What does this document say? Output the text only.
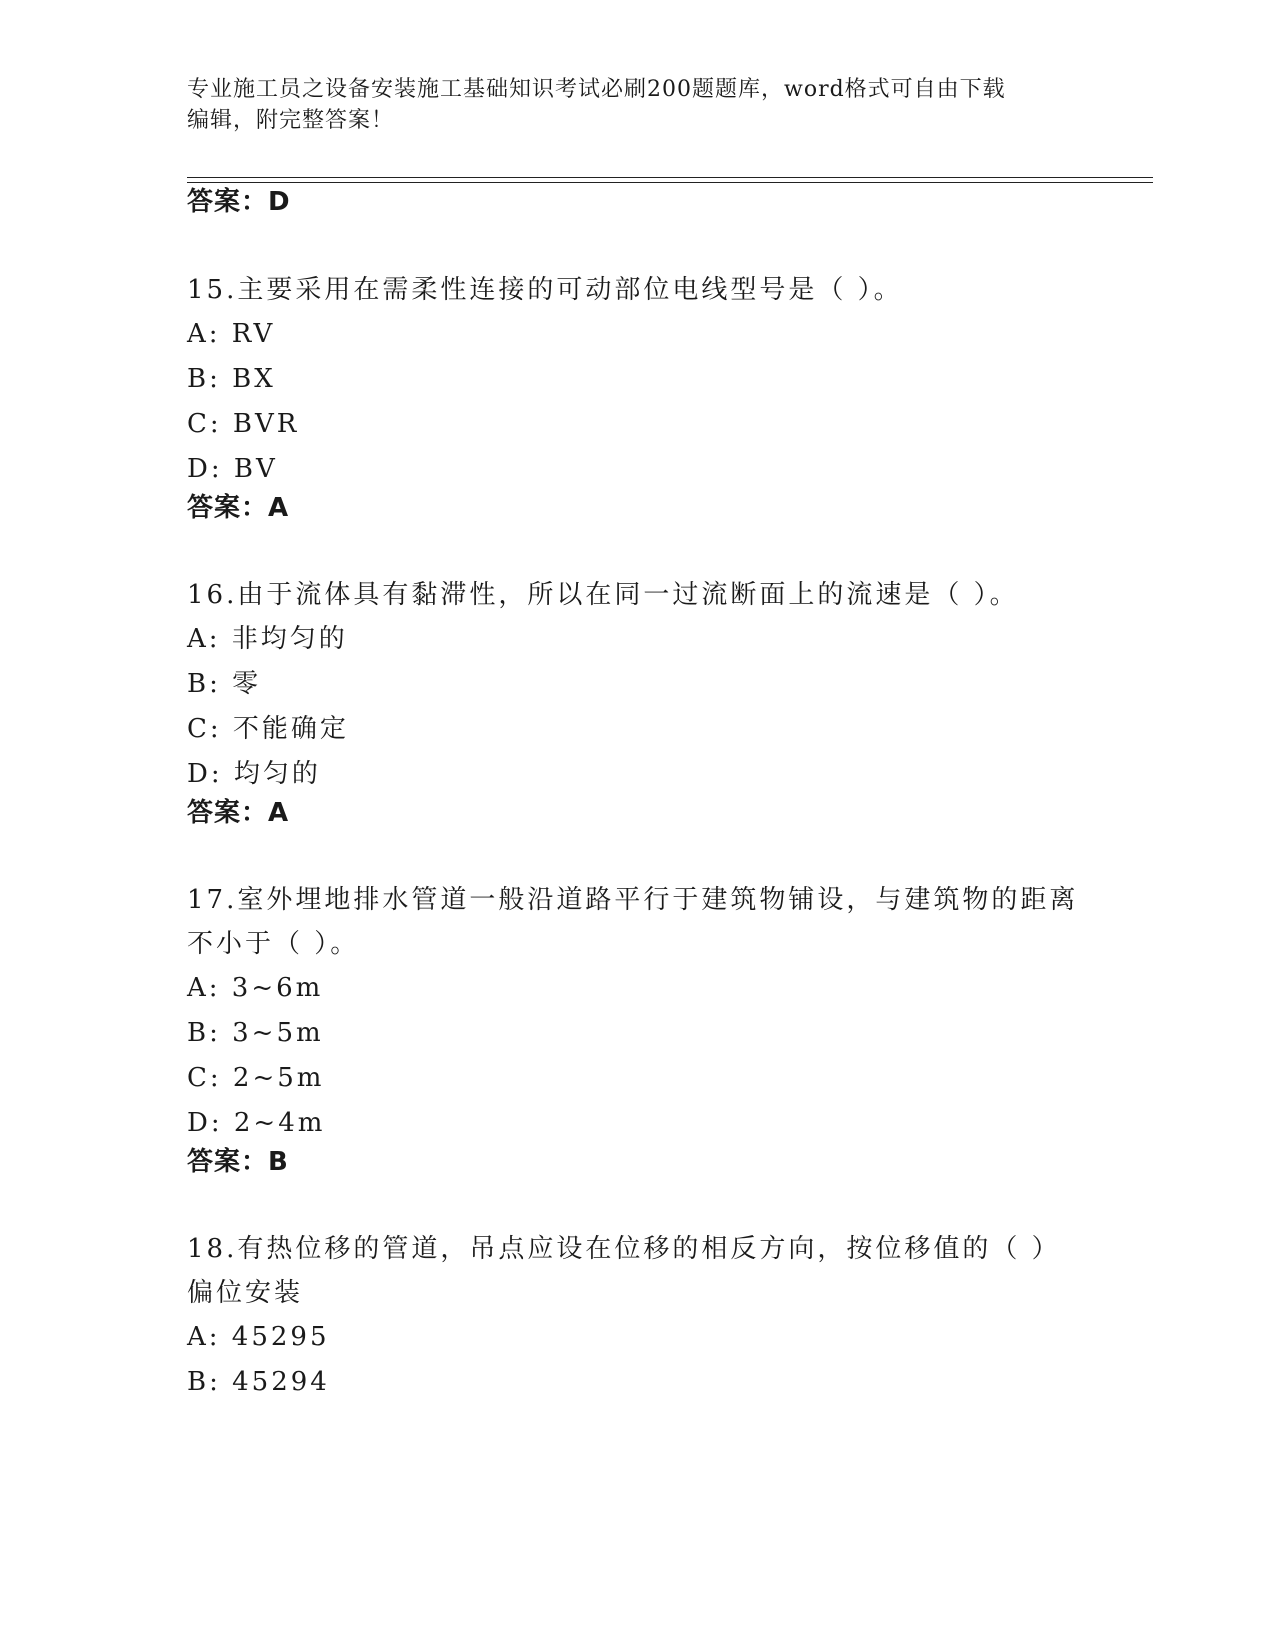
专业施工员之设备安装施工基础知识考试必刷200题题库，word格式可自由下载
编辑，附完整答案！
答案：D
15.主要采用在需柔性连接的可动部位电线型号是（ ）。
A: RV
B: BX
C: BVR
D: BV
答案：A
16.由于流体具有黏滞性，所以在同一过流断面上的流速是（ ）。
A: 非均匀的
B: 零
C: 不能确定
D: 均匀的
答案：A
17.室外埋地排水管道一般沿道路平行于建筑物铺设，与建筑物的距离
不小于（ ）。
A: 3~6m
B: 3~5m
C: 2~5m
D: 2~4m
答案：B
18.有热位移的管道，吊点应设在位移的相反方向，按位移值的（ ）
偏位安装
A: 45295
B: 45294
